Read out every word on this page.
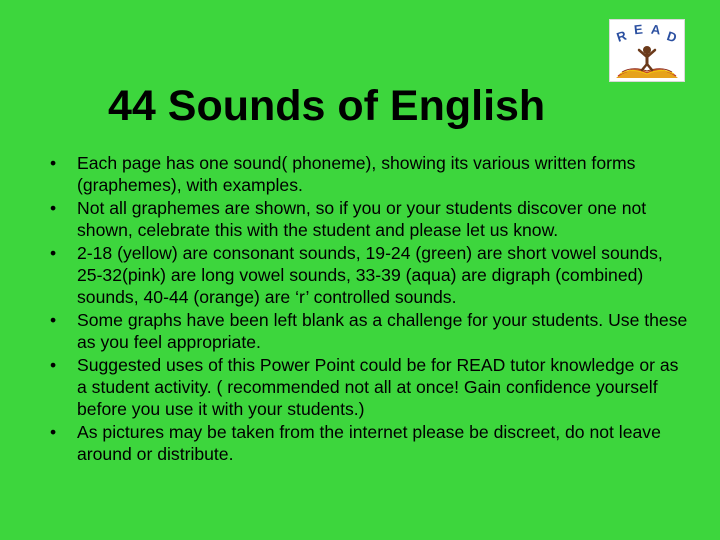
44 Sounds of English
R E A D
• Each page has one sound( phoneme), showing its various written forms (graphemes), with examples.
• Not all graphemes are shown, so if you or your students discover one not shown, celebrate this with the student and please let us know.
• 2-18 (yellow) are consonant sounds, 19-24 (green) are short vowel sounds, 25-32(pink) are long vowel sounds, 33-39 (aqua) are digraph (combined) sounds, 40-44 (orange) are ‘r’ controlled sounds.
• Some graphs have been left blank as a challenge for your students. Use these as you feel appropriate.
• Suggested uses of this Power Point could be for READ tutor knowledge or as a student activity. ( recommended not all at once! Gain confidence yourself before you use it with your students.)
• As pictures may be taken from the internet please be discreet, do not leave around or distribute.
